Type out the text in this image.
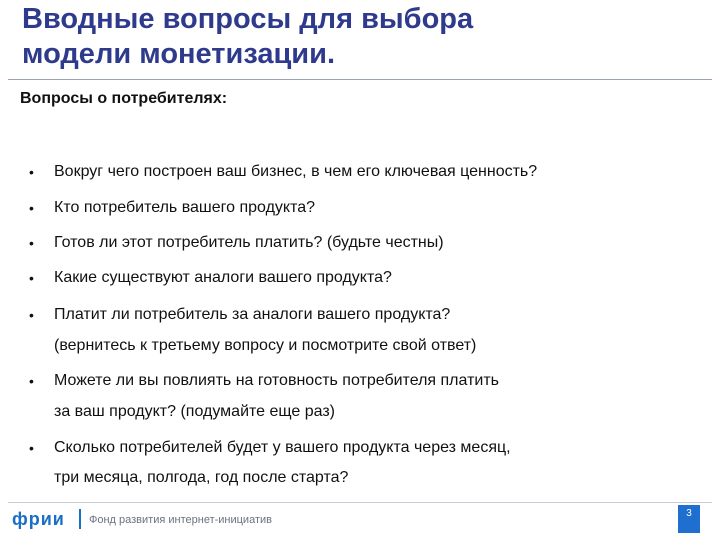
Вводные вопросы для выбора
модели монетизации.
Вопросы о потребителях:
• Вокруг чего построен ваш бизнес, в чем его ключевая ценность?
• Кто потребитель вашего продукта?
• Готов ли этот потребитель платить? (будьте честны)
• Какие существуют аналоги вашего продукта?
• Платит ли потребитель за аналоги вашего продукта?
(вернитесь к третьему вопросу и посмотрите свой ответ)
• Можете ли вы повлиять на готовность потребителя платить
за ваш продукт? (подумайте еще раз)
• Сколько потребителей будет у вашего продукта через месяц,
три месяца, полгода, год после старта?
фрии Фонд развития интернет-инициатив
3
